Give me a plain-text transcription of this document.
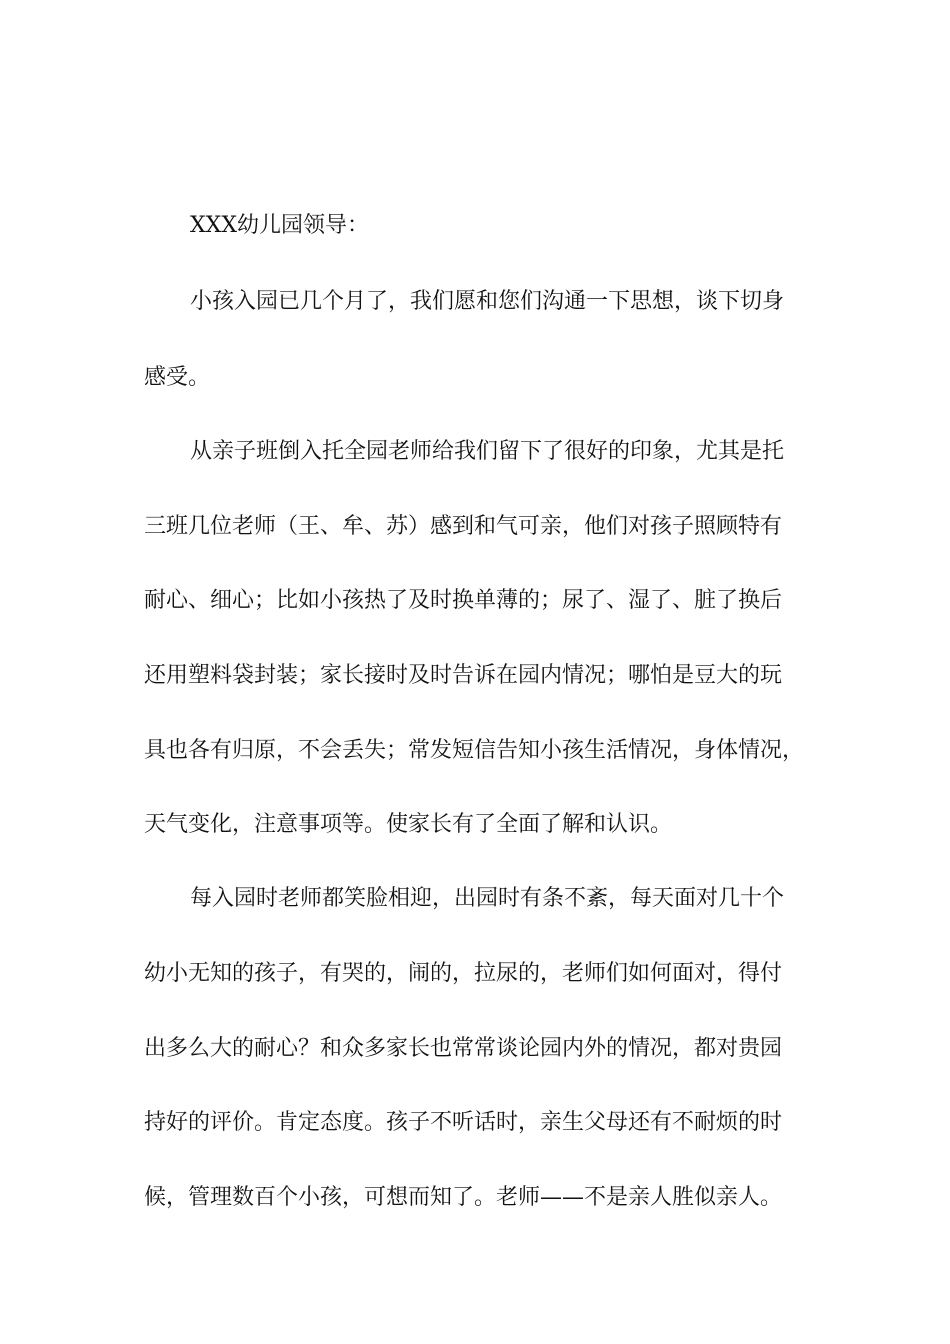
XXX幼儿园领导：
小孩入园已几个月了，我们愿和您们沟通一下思想，谈下切身
感受。
从亲子班倒入托全园老师给我们留下了很好的印象，尤其是托
三班几位老师（王、牟、苏）感到和气可亲，他们对孩子照顾特有
耐心、细心；比如小孩热了及时换单薄的；尿了、湿了、脏了换后
还用塑料袋封装；家长接时及时告诉在园内情况；哪怕是豆大的玩
具也各有归原，不会丢失；常发短信告知小孩生活情况，身体情况，
天气变化，注意事项等。使家长有了全面了解和认识。
每入园时老师都笑脸相迎，出园时有条不紊，每天面对几十个
幼小无知的孩子，有哭的，闹的，拉尿的，老师们如何面对，得付
出多么大的耐心？和众多家长也常常谈论园内外的情况，都对贵园
持好的评价。肯定态度。孩子不听话时，亲生父母还有不耐烦的时
候，管理数百个小孩，可想而知了。老师——不是亲人胜似亲人。
